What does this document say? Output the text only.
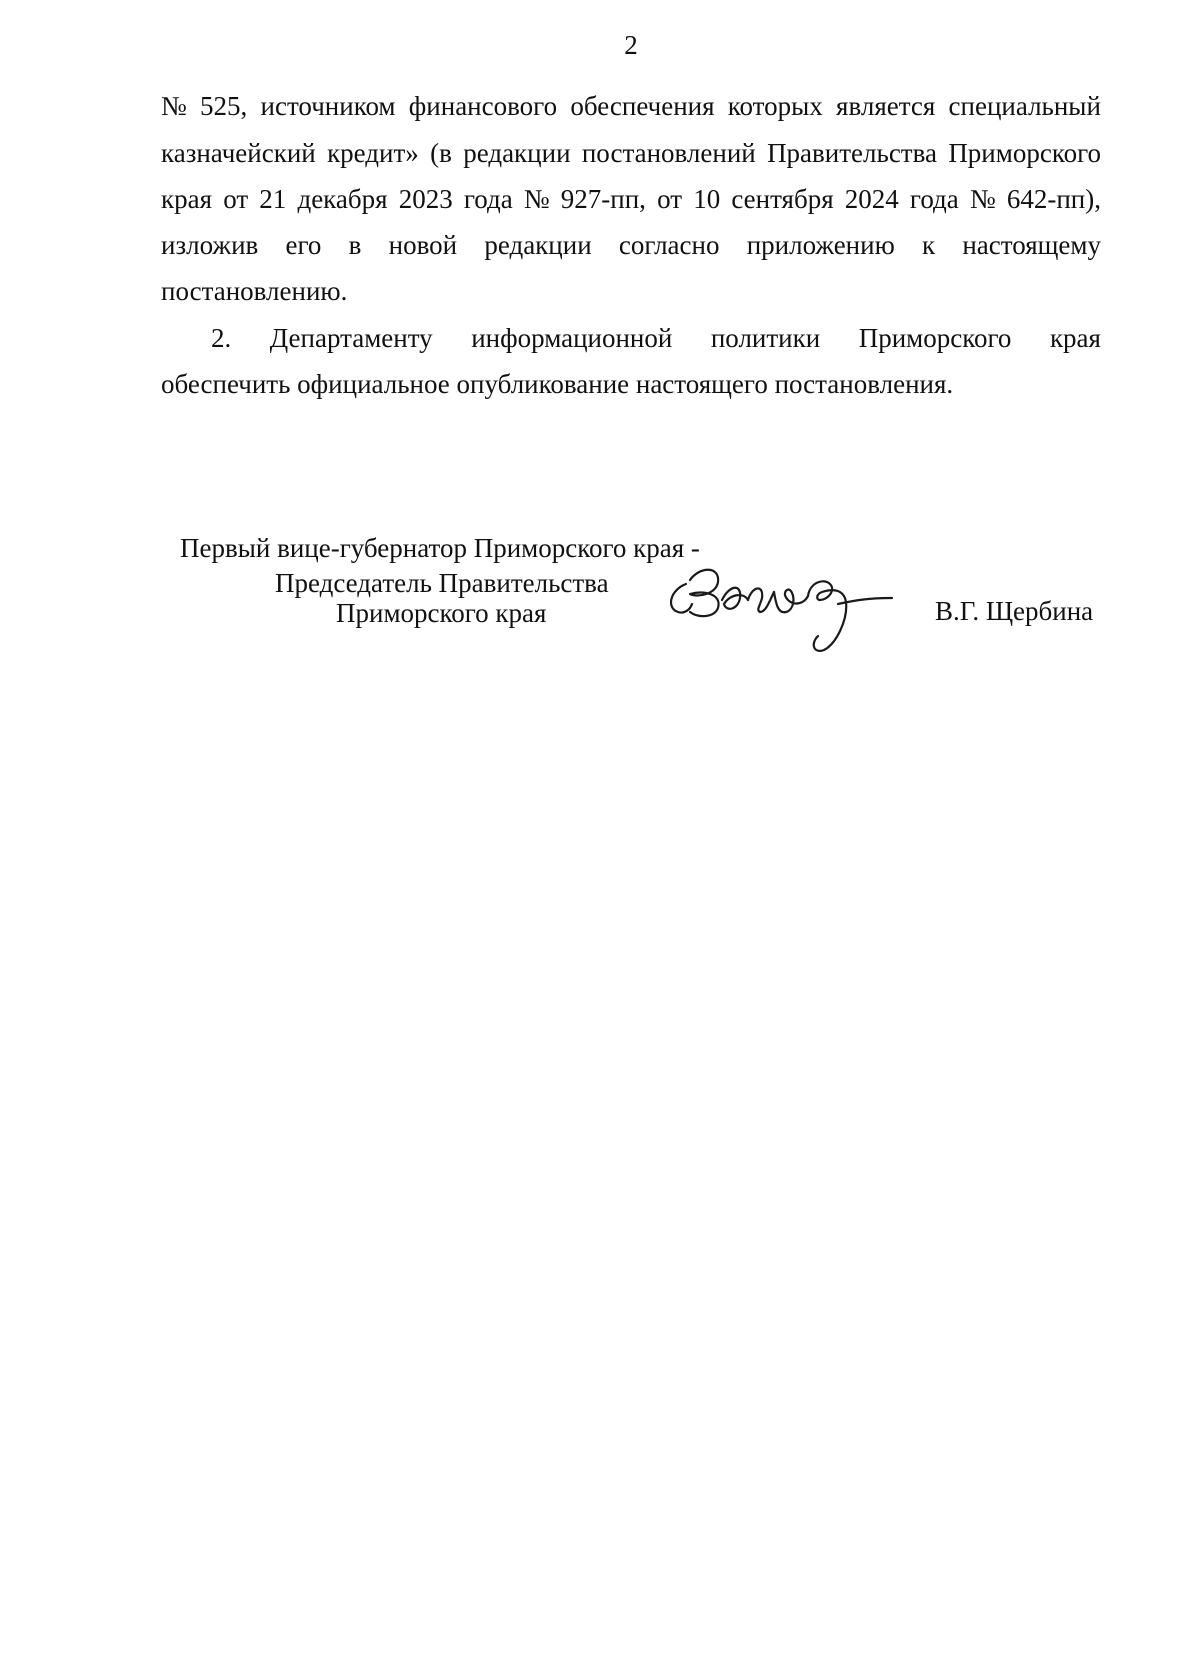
2
№ 525, источником финансового обеспечения которых является специальный
казначейский кредит» (в редакции постановлений Правительства Приморского
края от 21 декабря 2023 года № 927-пп, от 10 сентября 2024 года № 642-пп),
изложив его в новой редакции согласно приложению к настоящему
постановлению.
2. Департаменту информационной политики Приморского края
обеспечить официальное опубликование настоящего постановления.
Первый вице-губернатор Приморского края -
Председатель Правительства
Приморского края	В.Г. Щербина
